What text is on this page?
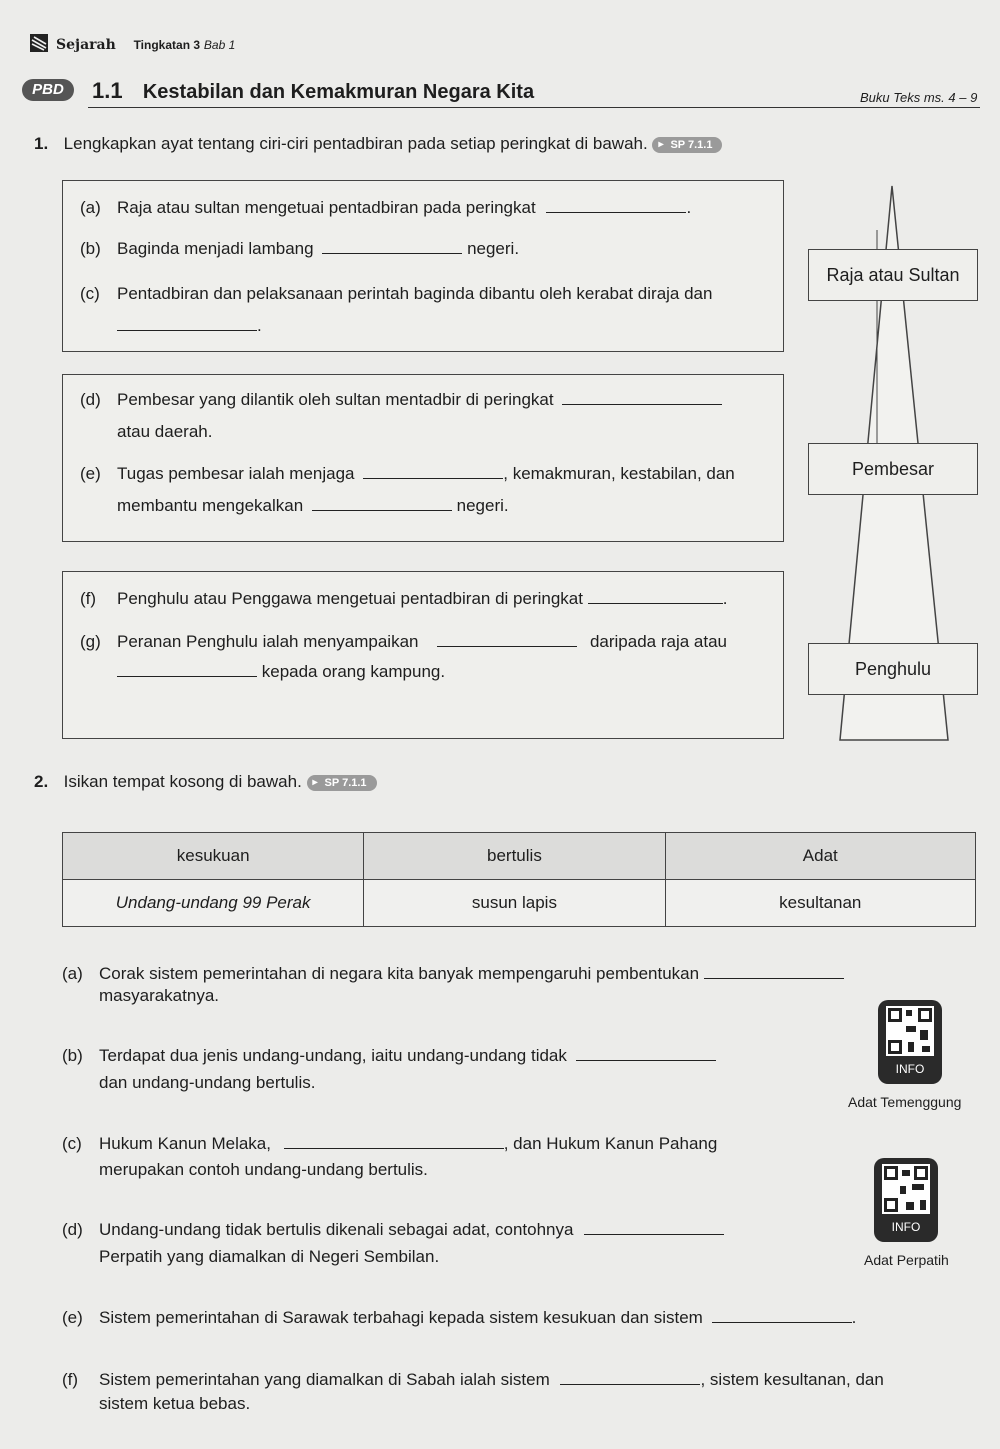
Sejarah Tingkatan 3 Bab 1
PBD	1.1 Kestabilan dan Kemakmuran Negara Kita	Buku Teks ms. 4 – 9
1. Lengkapkan ayat tentang ciri-ciri pentadbiran pada setiap peringkat di bawah. ▸ SP 7.1.1
(a) Raja atau sultan mengetuai pentadbiran pada peringkat	.
(b) Baginda menjadi lambang	negeri.
(c) Pentadbiran dan pelaksanaan perintah baginda dibantu oleh kerabat diraja dan
.
(d) Pembesar yang dilantik oleh sultan mentadbir di peringkat
atau daerah.
(e) Tugas pembesar ialah menjaga	, kemakmuran, kestabilan, dan
membantu mengekalkan	negeri.
(f) Penghulu atau Penggawa mengetuai pentadbiran di peringkat	.
(g) Peranan Penghulu ialah menyampaikan	daripada raja atau
kepada orang kampung.
Raja atau Sultan
Pembesar
Penghulu
2. Isikan tempat kosong di bawah. ▸ SP 7.1.1
kesukuan	bertulis	Adat
Undang-undang 99 Perak	susun lapis	kesultanan
(a) Corak sistem pemerintahan di negara kita banyak mempengaruhi pembentukan
masyarakatnya.
(b) Terdapat dua jenis undang-undang, iaitu undang-undang tidak
dan undang-undang bertulis.
(c) Hukum Kanun Melaka,	, dan Hukum Kanun Pahang
merupakan contoh undang-undang bertulis.
(d) Undang-undang tidak bertulis dikenali sebagai adat, contohnya
Perpatih yang diamalkan di Negeri Sembilan.
(e) Sistem pemerintahan di Sarawak terbahagi kepada sistem kesukuan dan sistem	.
(f) Sistem pemerintahan yang diamalkan di Sabah ialah sistem	, sistem kesultanan, dan
sistem ketua bebas.
INFO
Adat Temenggung
INFO
Adat Perpatih
